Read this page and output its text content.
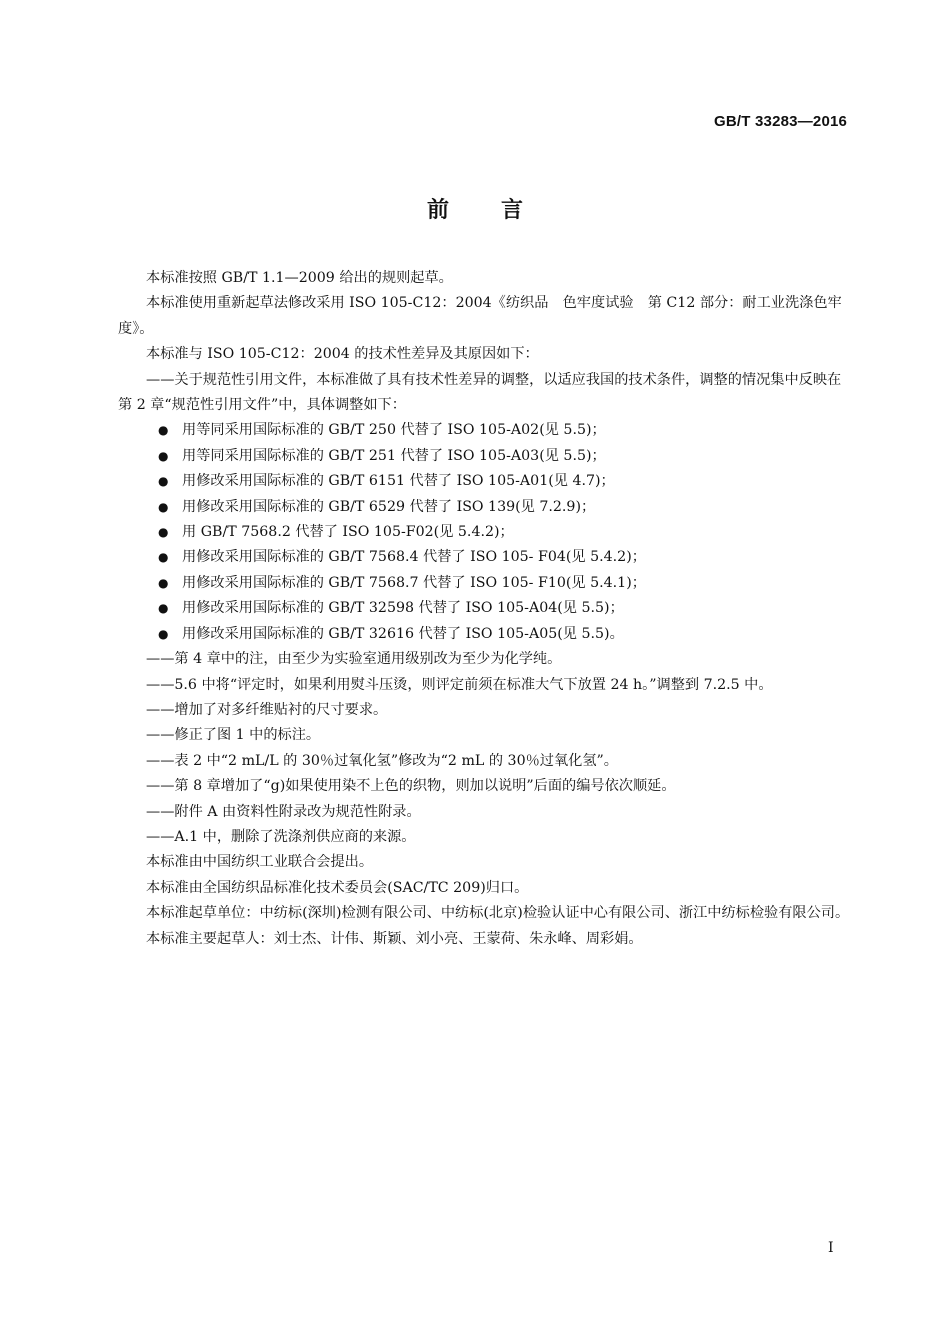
GB/T 33283—2016
前言

本标准按照 GB/T 1.1—2009 给出的规则起草。

本标准使用重新起草法修改采用 ISO 105-C12：2004《纺织品　色牢度试验　第 C12 部分：耐工业洗涤色牢度》。

本标准与 ISO 105-C12：2004 的技术性差异及其原因如下：

——关于规范性引用文件，本标准做了具有技术性差异的调整，以适应我国的技术条件，调整的情况集中反映在第 2 章“规范性引用文件”中，具体调整如下：

● 用等同采用国际标准的 GB/T 250 代替了 ISO 105-A02(见 5.5)；
● 用等同采用国际标准的 GB/T 251 代替了 ISO 105-A03(见 5.5)；
● 用修改采用国际标准的 GB/T 6151 代替了 ISO 105-A01(见 4.7)；
● 用修改采用国际标准的 GB/T 6529 代替了 ISO 139(见 7.2.9)；
● 用 GB/T 7568.2 代替了 ISO 105-F02(见 5.4.2)；
● 用修改采用国际标准的 GB/T 7568.4 代替了 ISO 105- F04(见 5.4.2)；
● 用修改采用国际标准的 GB/T 7568.7 代替了 ISO 105- F10(见 5.4.1)；
● 用修改采用国际标准的 GB/T 32598 代替了 ISO 105-A04(见 5.5)；
● 用修改采用国际标准的 GB/T 32616 代替了 ISO 105-A05(见 5.5)。

——第 4 章中的注，由至少为实验室通用级别改为至少为化学纯。

——5.6 中将“评定时，如果利用熨斗压烫，则评定前须在标准大气下放置 24 h。”调整到 7.2.5 中。

——增加了对多纤维贴衬的尺寸要求。

——修正了图 1 中的标注。

——表 2 中“2 mL/L 的 30％过氧化氢”修改为“2 mL 的 30％过氧化氢”。

——第 8 章增加了“g)如果使用染不上色的织物，则加以说明”后面的编号依次顺延。

——附件 A 由资料性附录改为规范性附录。

——A.1 中，删除了洗涤剂供应商的来源。

本标准由中国纺织工业联合会提出。

本标准由全国纺织品标准化技术委员会(SAC/TC 209)归口。

本标准起草单位：中纺标(深圳)检测有限公司、中纺标(北京)检验认证中心有限公司、浙江中纺标检验有限公司。

本标准主要起草人：刘士杰、计伟、斯颖、刘小亮、王蒙荷、朱永峰、周彩娟。

I
